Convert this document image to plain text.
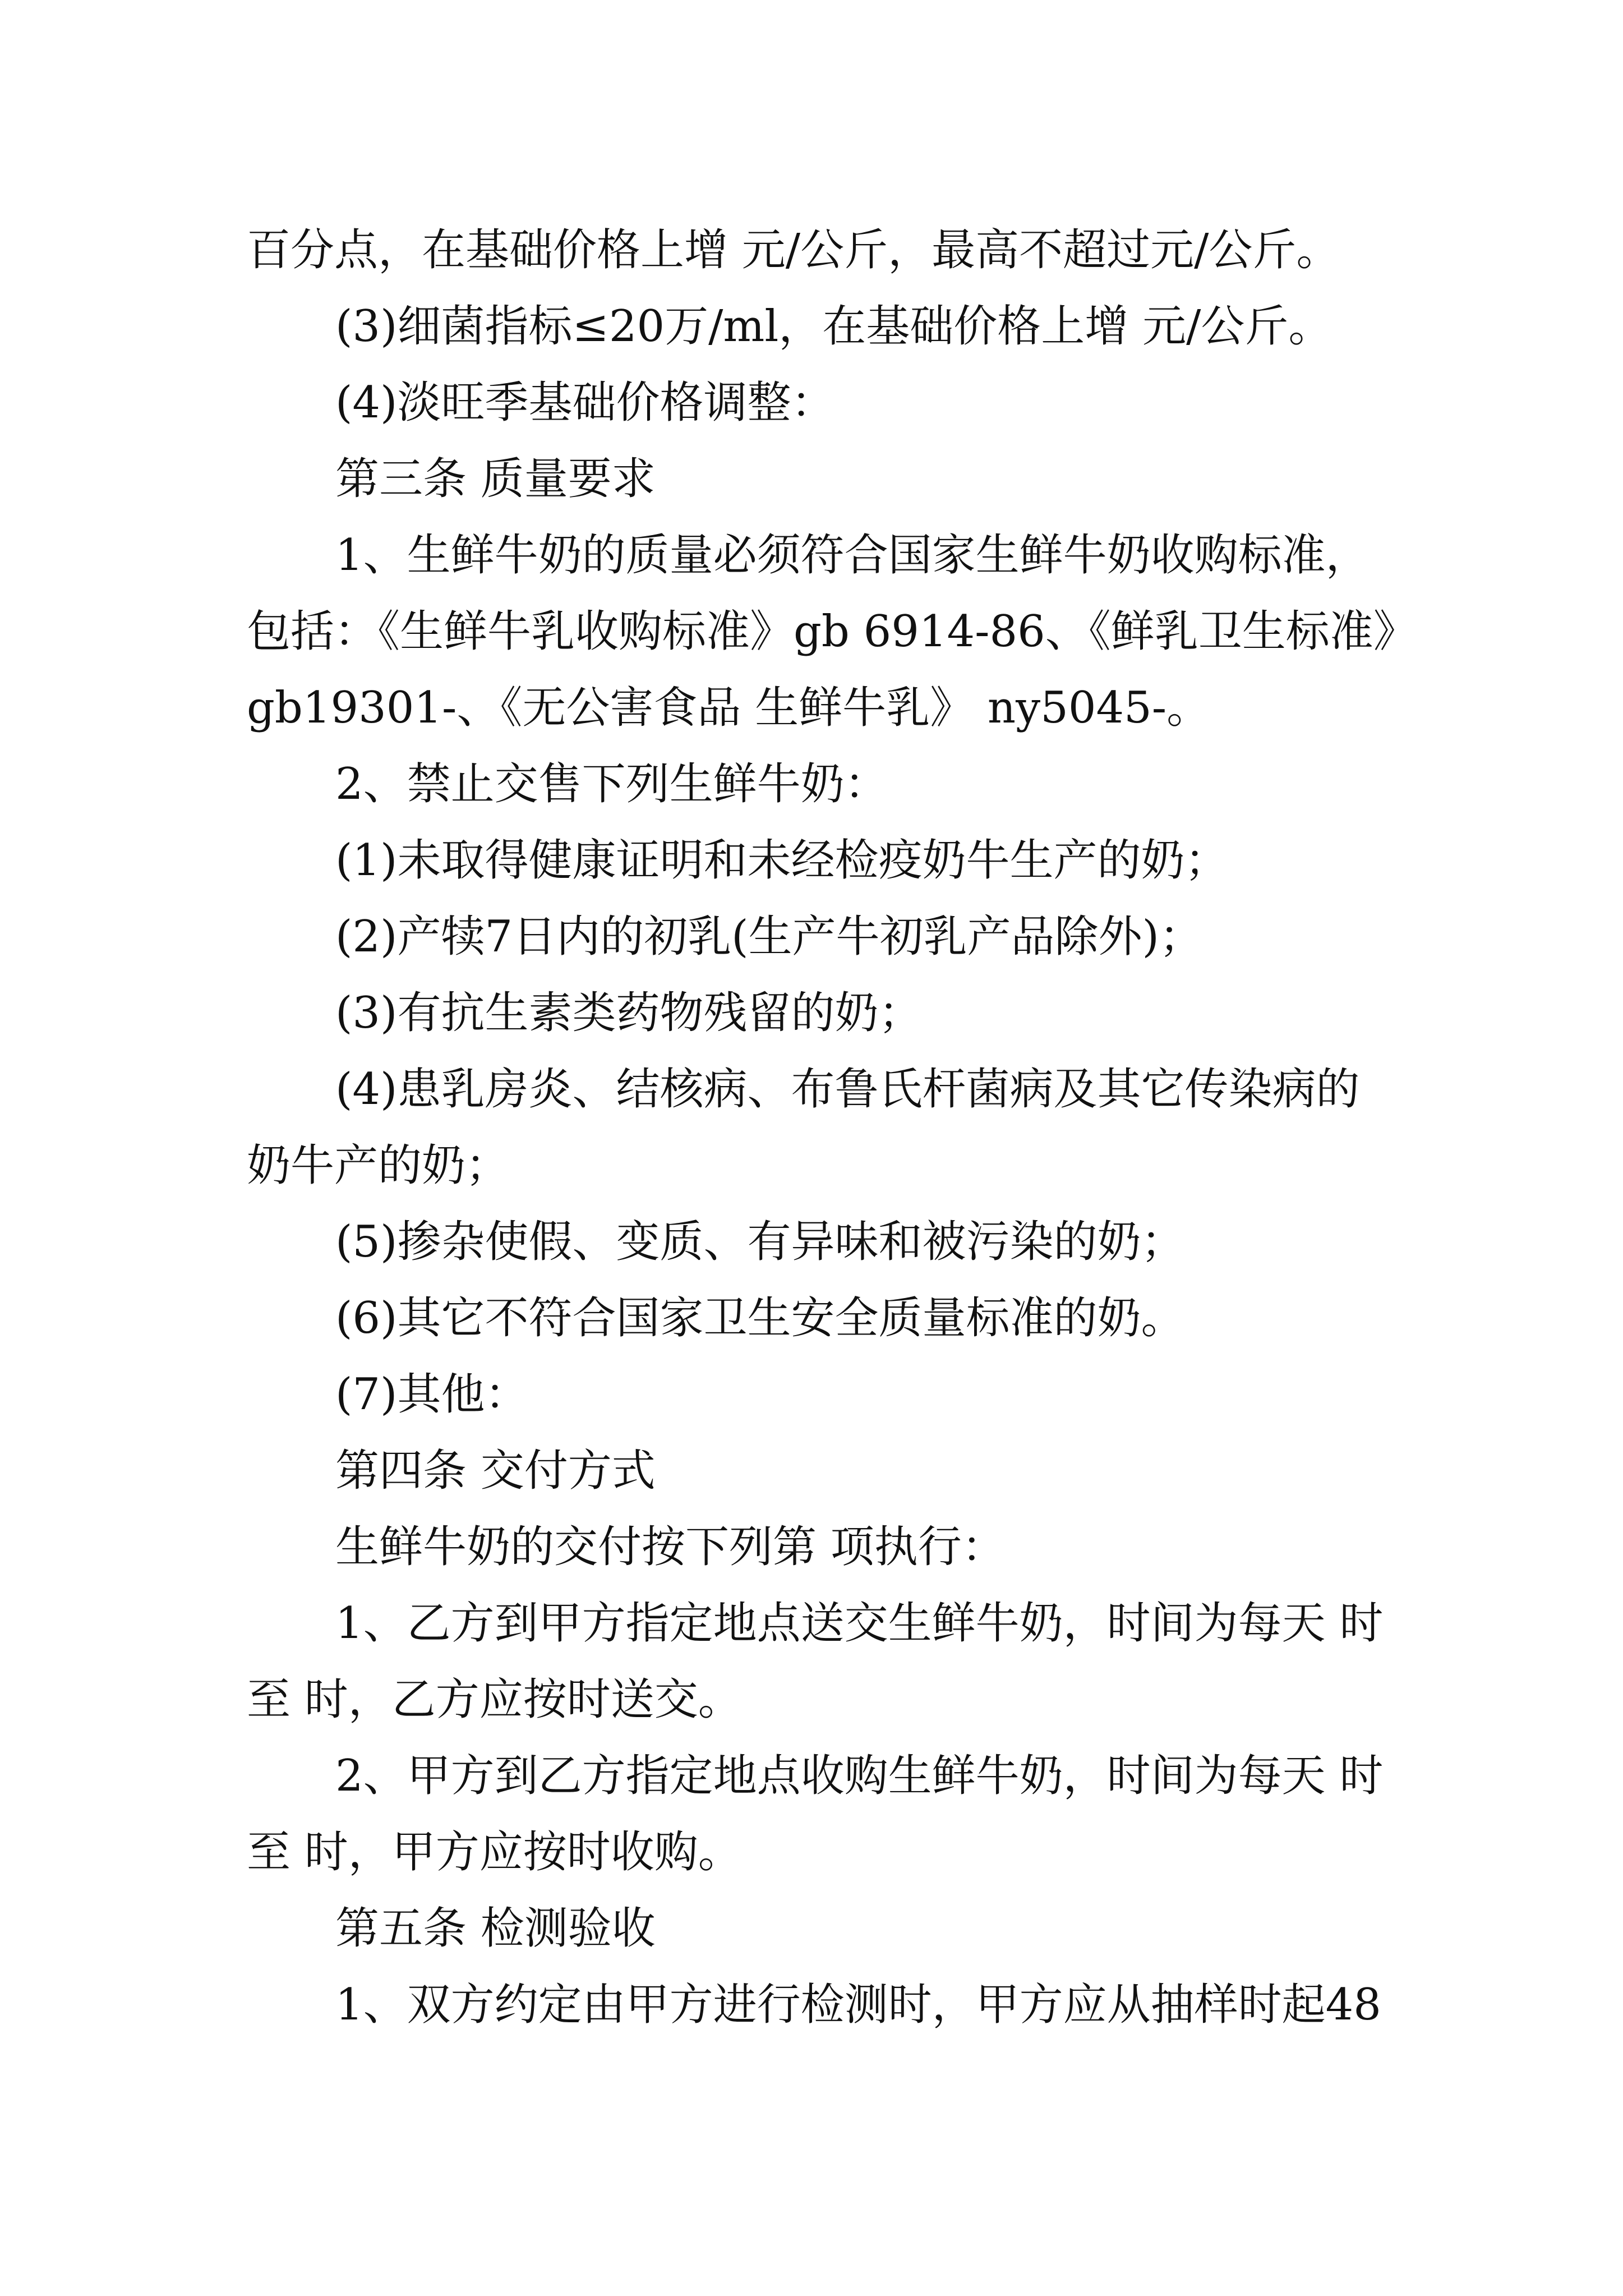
百分点，在基础价格上增 元/公斤，最高不超过元/公斤。
(3)细菌指标≤20万/ml，在基础价格上增 元/公斤。
(4)淡旺季基础价格调整：
第三条 质量要求
1、生鲜牛奶的质量必须符合国家生鲜牛奶收购标准，
包括：《生鲜牛乳收购标准》gb 6914-86、《鲜乳卫生标准》
gb19301-、《无公害食品 生鲜牛乳》 ny5045-。
2、禁止交售下列生鲜牛奶：
(1)未取得健康证明和未经检疫奶牛生产的奶；
(2)产犊7日内的初乳(生产牛初乳产品除外)；
(3)有抗生素类药物残留的奶；
(4)患乳房炎、结核病、布鲁氏杆菌病及其它传染病的
奶牛产的奶；
(5)掺杂使假、变质、有异味和被污染的奶；
(6)其它不符合国家卫生安全质量标准的奶。
(7)其他：
第四条 交付方式
生鲜牛奶的交付按下列第 项执行：
1、乙方到甲方指定地点送交生鲜牛奶，时间为每天 时
至 时，乙方应按时送交。
2、甲方到乙方指定地点收购生鲜牛奶，时间为每天 时
至 时，甲方应按时收购。
第五条 检测验收
1、双方约定由甲方进行检测时，甲方应从抽样时起48
